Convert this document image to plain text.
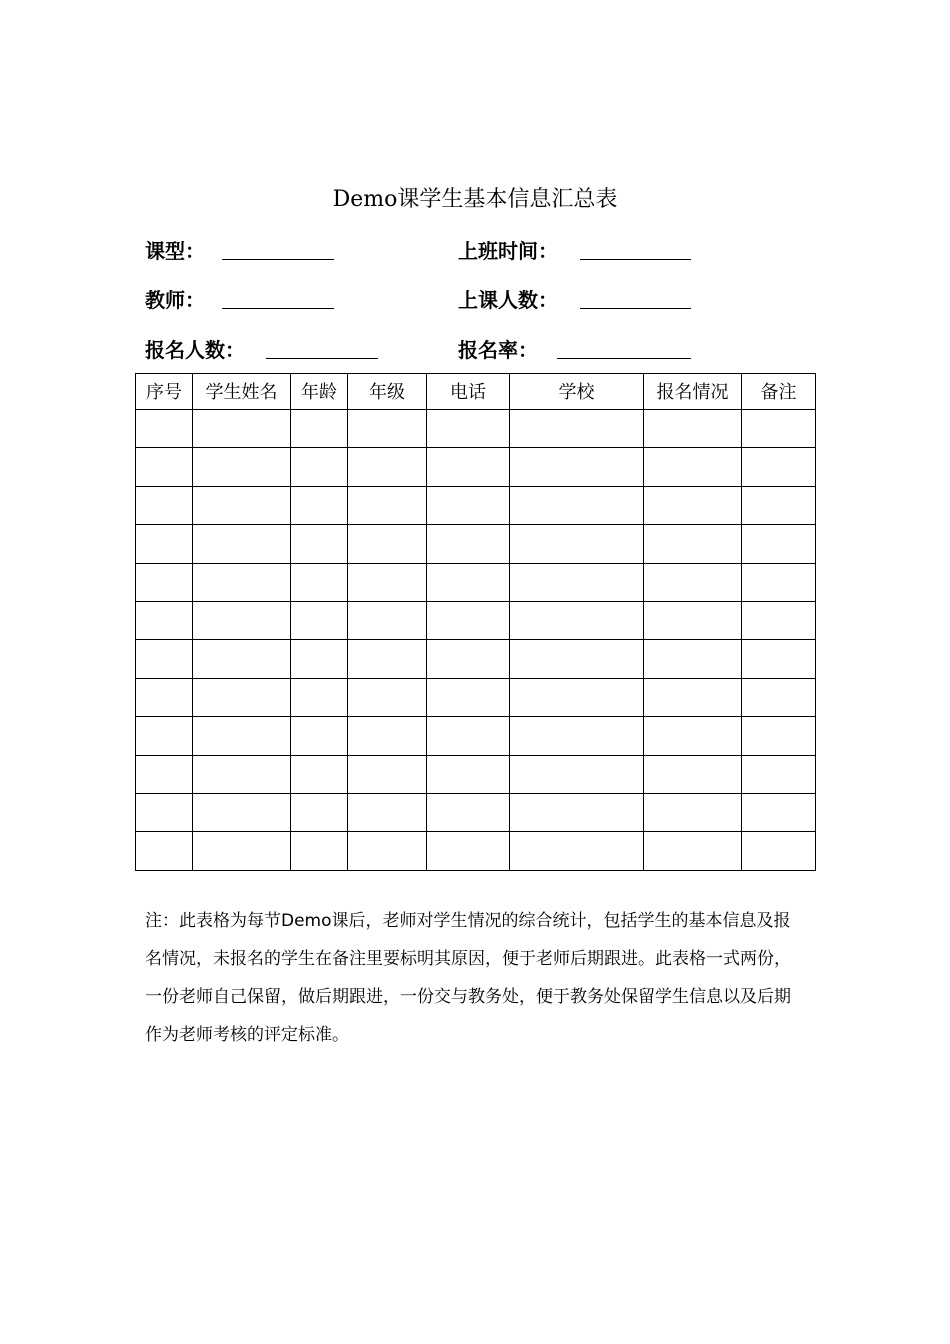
Demo课学生基本信息汇总表
课型：	上班时间：
教师：	上课人数：
报名人数：	报名率：
序号	学生姓名	年龄	年级	电话	学校	报名情况	备注

注：此表格为每节Demo课后，老师对学生情况的综合统计，包括学生的基本信息及报名情况，未报名的学生在备注里要标明其原因，便于老师后期跟进。此表格一式两份，一份老师自己保留，做后期跟进，一份交与教务处，便于教务处保留学生信息以及后期作为老师考核的评定标准。
